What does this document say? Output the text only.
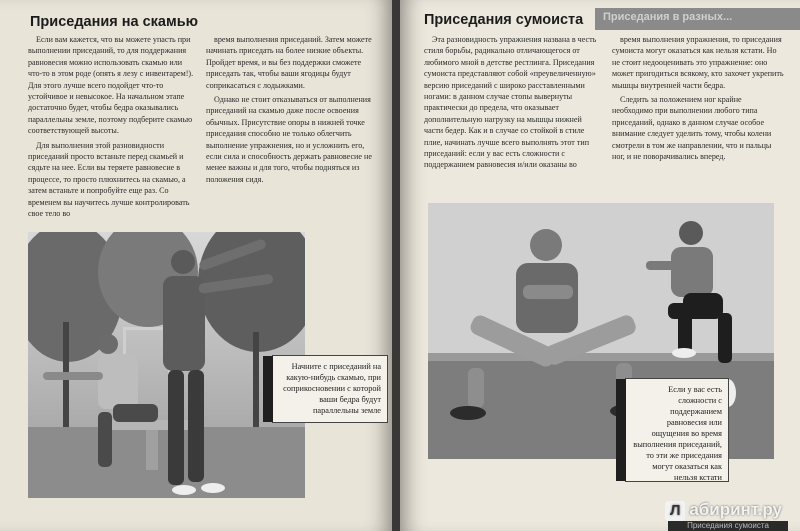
Приседания на скамью

Если вам кажется, что вы можете упасть при выполнении приседаний, то для поддержания равновесия можно использовать скамью или что-то в этом роде (опять я лезу с инвентарем!). Для этого лучше всего подойдет что-то устойчивое и невысокое. На начальном этапе достаточно будет, чтобы бедра оказывались параллельны земле, поэтому подберите скамью соответствующей высоты.

Для выполнения этой разновидности приседаний просто встаньте перед скамьей и сядьте на нее. Если вы теряете равновесие в процессе, то просто плюхнитесь на скамью, а затем встаньте и попробуйте еще раз. Со временем вы научитесь лучше контролировать свое тело во

время выполнения приседаний. Затем можете начинать приседать на более низкие объекты. Пройдет время, и вы без поддержки сможете приседать так, чтобы ваши ягодицы будут соприкасаться с лодыжками.

Однако не стоит отказываться от выполнения приседаний на скамью даже после освоения обычных. Присутствие опоры в нижней точке приседания способно не только облегчить выполнение упражнения, но и усложнить его, если сила и способность держать равновесие не менее важны и для того, чтобы подняться из положения сидя.

Начните с приседаний на какую-нибудь скамью, при соприкосновении с которой ваши бедра будут параллельны земле
Приседания в разных...
Приседания сумоиста

Эта разновидность упражнения названа в честь стиля борьбы, радикально отличающегося от любимого мной в детстве рестлинга. Приседания сумоиста представляют собой «преувеличенную» версию приседаний с широко расставленными ногами: в данном случае стопы вывернуты практически до предела, что оказывает дополнительную нагрузку на мышцы нижней части бедер. Как и в случае со стойкой в стиле плие, начинать лучше всего выполнять этот тип приседаний: если у вас есть сложности с поддержанием равновесия и/или оказаны во

время выполнения упражнения, то приседания сумоиста могут оказаться как нельзя кстати. Но не стоит недооценивать это упражнение: оно может пригодиться всякому, кто захочет укрепить мышцы внутренней части бедра.

Следить за положением ног крайне необходимо при выполнении любого типа приседаний, однако в данном случае особое внимание следует уделить тому, чтобы колени смотрели в том же направлении, что и пальцы ног, и не поворачивались вперед.

Если у вас есть сложности с поддержанием равновесия или ощущения во время выполнения приседаний, то эти же приседания могут оказаться как нельзя кстати
Л абиринт.ру
Приседания сумоиста
